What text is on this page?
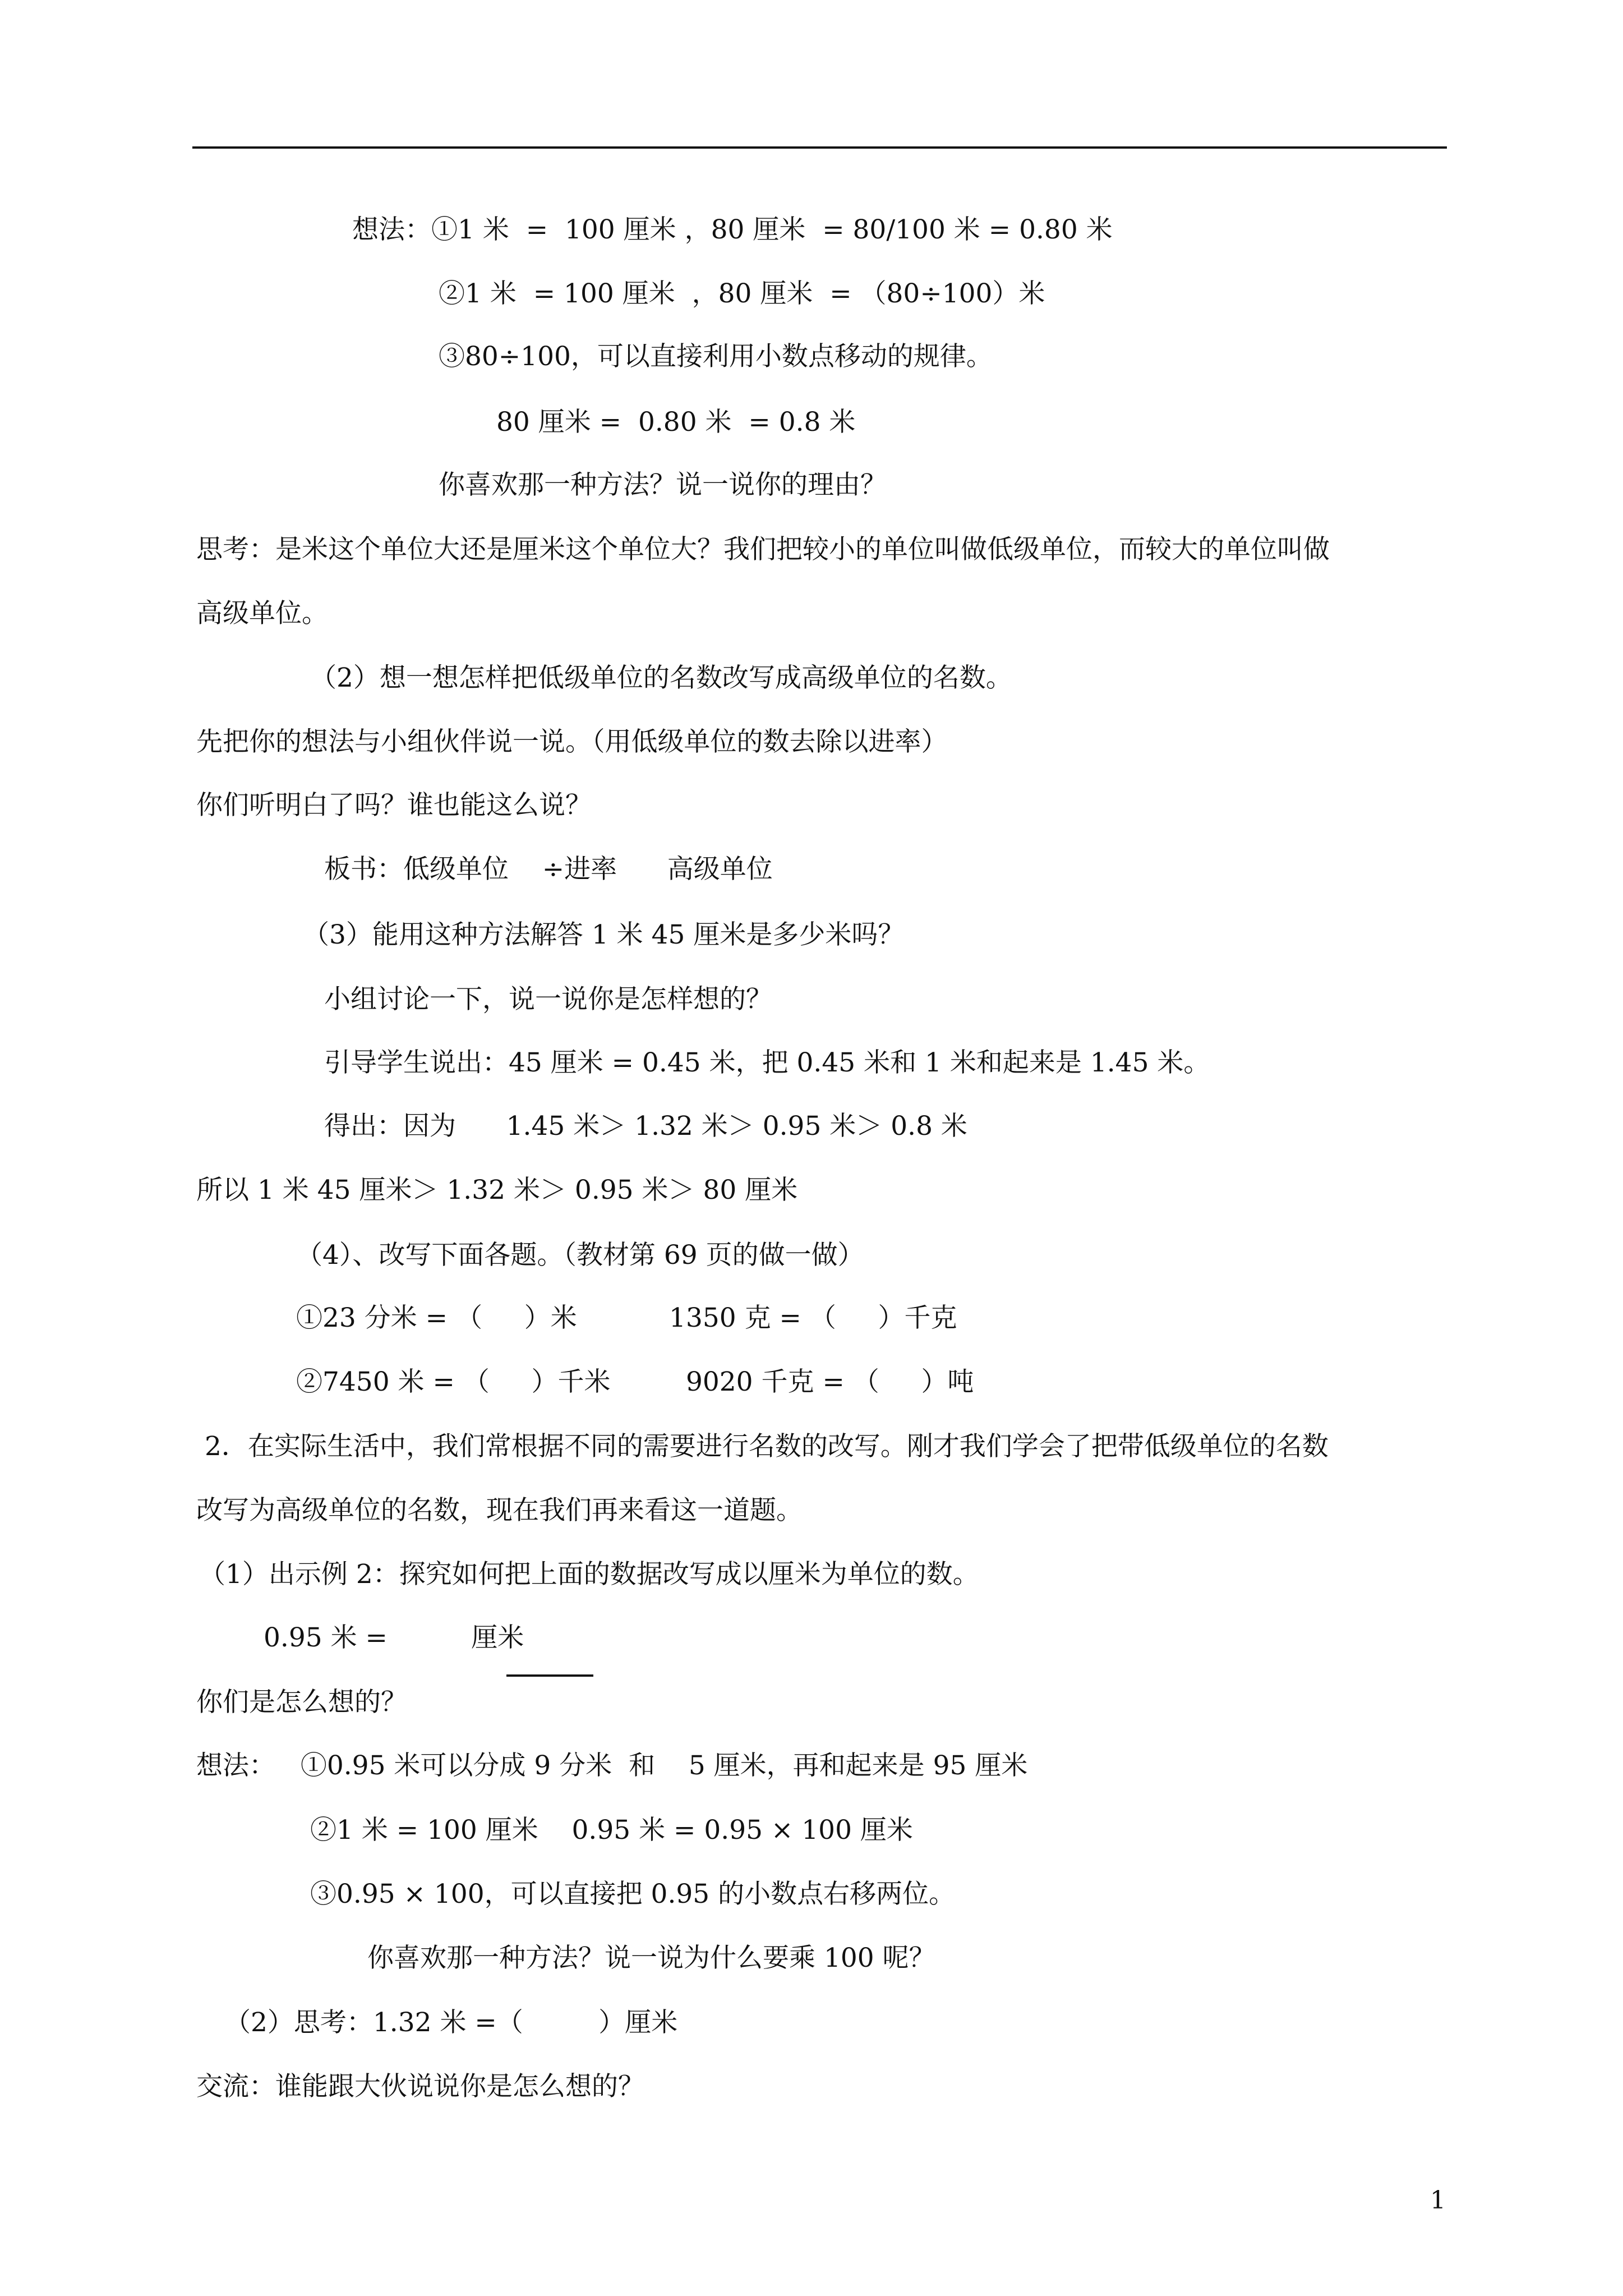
想法：①1 米  =  100 厘米 ，80 厘米  = 80/100 米 = 0.80 米
②1 米  = 100 厘米  ，80 厘米  = （80÷100）米
③80÷100，可以直接利用小数点移动的规律。
80 厘米 =  0.80 米  = 0.8 米
你喜欢那一种方法？说一说你的理由？
思考：是米这个单位大还是厘米这个单位大？我们把较小的单位叫做低级单位，而较大的单位叫做
高级单位。
（2）想一想怎样把低级单位的名数改写成高级单位的名数。
先把你的想法与小组伙伴说一说。（用低级单位的数去除以进率）
你们听明白了吗？谁也能这么说？
板书：低级单位    ÷进率      高级单位
（3）能用这种方法解答 1 米 45 厘米是多少米吗？
小组讨论一下，说一说你是怎样想的？
引导学生说出：45 厘米 = 0.45 米，把 0.45 米和 1 米和起来是 1.45 米。
得出：因为      1.45 米＞ 1.32 米＞ 0.95 米＞ 0.8 米
所以 1 米 45 厘米＞ 1.32 米＞ 0.95 米＞ 80 厘米
（4）、改写下面各题。（教材第 69 页的做一做）
①23 分米 = （     ）米           1350 克 = （     ）千克
②7450 米 = （     ）千米         9020 千克 = （     ）吨
2．在实际生活中，我们常根据不同的需要进行名数的改写。刚才我们学会了把带低级单位的名数
改写为高级单位的名数，现在我们再来看这一道题。
（1）出示例 2：探究如何把上面的数据改写成以厘米为单位的数。
0.95 米 =          厘米
你们是怎么想的？
想法：   ①0.95 米可以分成 9 分米  和    5 厘米，再和起来是 95 厘米
②1 米 = 100 厘米    0.95 米 = 0.95 × 100 厘米
③0.95 × 100，可以直接把 0.95 的小数点右移两位。
你喜欢那一种方法？说一说为什么要乘 100 呢？
（2）思考：1.32 米 =（         ）厘米
交流：谁能跟大伙说说你是怎么想的？
1
